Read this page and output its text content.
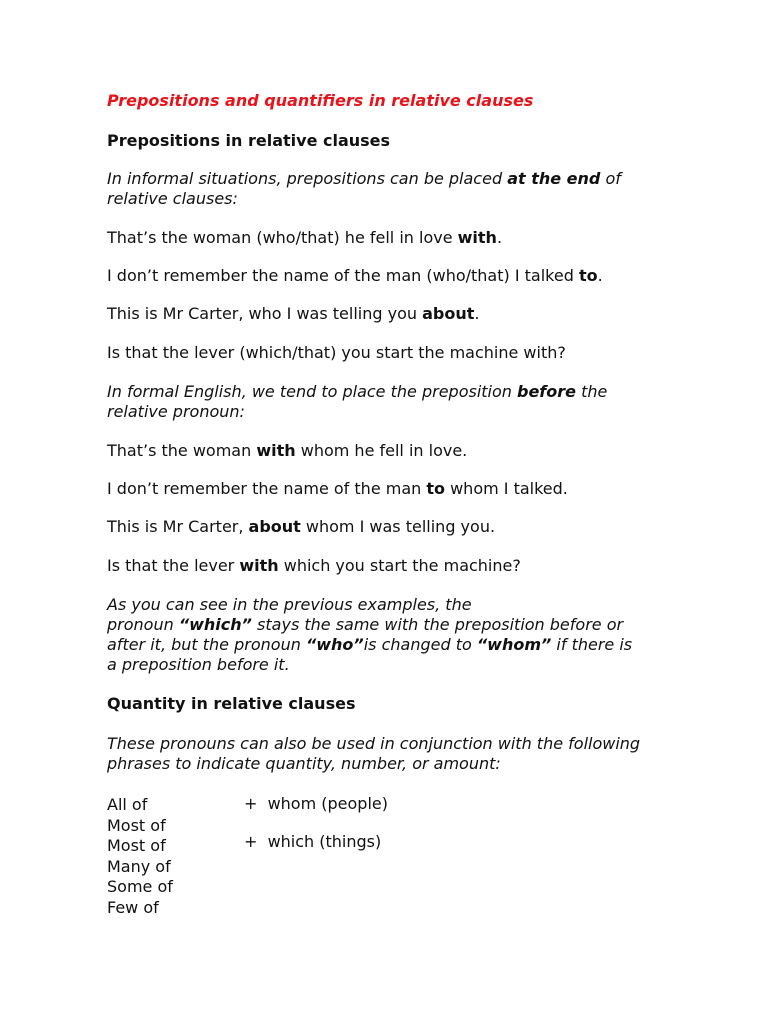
Prepositions and quantifiers in relative clauses

Prepositions in relative clauses

In informal situations, prepositions can be placed at the end of relative clauses:

That’s the woman (who/that) he fell in love with.

I don’t remember the name of the man (who/that) I talked to.

This is Mr Carter, who I was telling you about.

Is that the lever (which/that) you start the machine with?

In formal English, we tend to place the preposition before the relative pronoun:

That’s the woman with whom he fell in love.

I don’t remember the name of the man to whom I talked.

This is Mr Carter, about whom I was telling you.

Is that the lever with which you start the machine?

As you can see in the previous examples, the
pronoun “which” stays the same with the preposition before or
after it, but the pronoun “who”is changed to “whom” if there is
a preposition before it.

Quantity in relative clauses

These pronouns can also be used in conjunction with the following
phrases to indicate quantity, number, or amount:
All of
Most of
Most of
Many of
Some of
Few of
+  whom (people)
+  which (things)
